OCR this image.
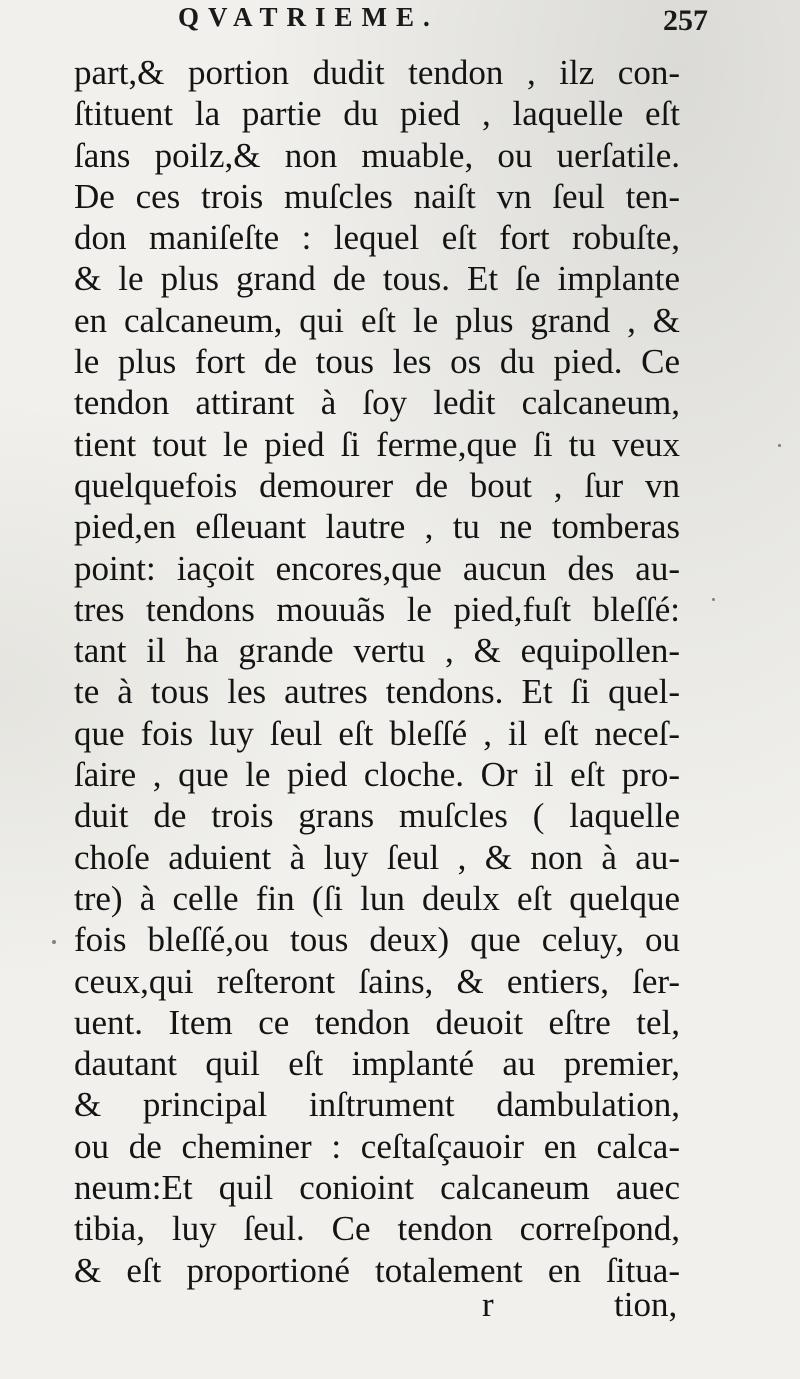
QVATRIEME.	257
part,& portion dudit tendon , ilz con-
ſtituent la partie du pied , laquelle eſt
ſans poilz,& non muable, ou uerſatile.
De ces trois muſcles naiſt vn ſeul ten-
don maniſeſte : lequel eſt fort robuſte,
& le plus grand de tous. Et ſe implante
en calcaneum, qui eſt le plus grand , &
le plus fort de tous les os du pied. Ce
tendon attirant à ſoy ledit calcaneum,
tient tout le pied ſi ferme,que ſi tu veux
quelquefois demourer de bout , ſur vn
pied,en eſleuant lautre , tu ne tomberas
point: iaçoit encores,que aucun des au-
tres tendons mouuãs le pied,fuſt bleſſé:
tant il ha grande vertu , & equipollen-
te à tous les autres tendons. Et ſi quel-
que fois luy ſeul eſt bleſſé , il eſt neceſ-
ſaire , que le pied cloche. Or il eſt pro-
duit de trois grans muſcles ( laquelle
choſe aduient à luy ſeul , & non à au-
tre) à celle fin (ſi lun deulx eſt quelque
fois bleſſé,ou tous deux) que celuy, ou
ceux,qui reſteront ſains, & entiers, ſer-
uent. Item ce tendon deuoit eſtre tel,
dautant quil eſt implanté au premier,
& principal inſtrument dambulation,
ou de cheminer : ceſtaſçauoir en calca-
neum:Et quil conioint calcaneum auec
tibia, luy ſeul. Ce tendon correſpond,
& eſt proportioné totalement en ſitua-
r	tion,
